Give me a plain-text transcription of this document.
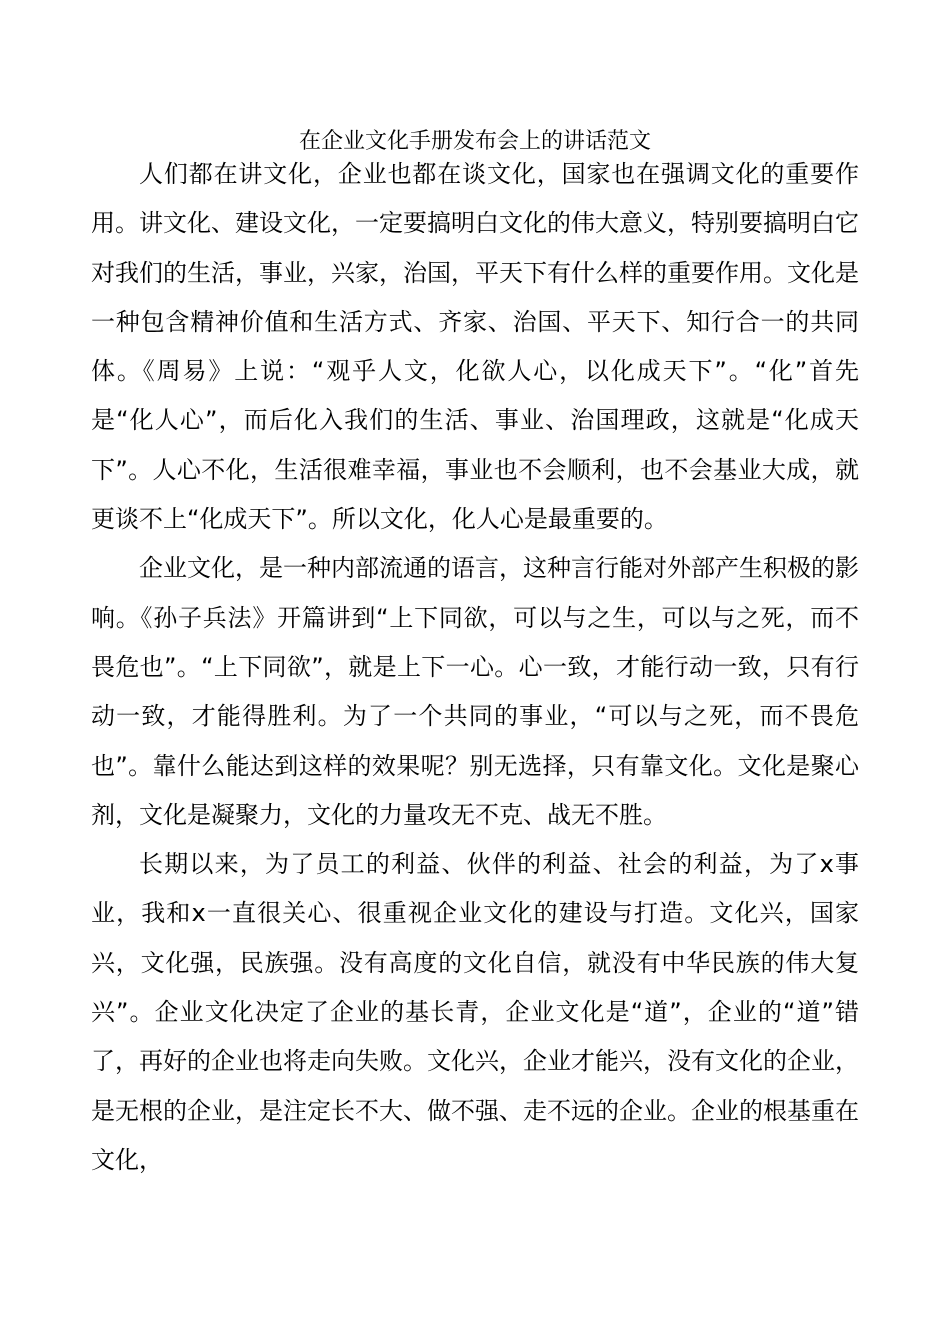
在企业文化手册发布会上的讲话范文

人们都在讲文化，企业也都在谈文化，国家也在强调文化的重要作用。讲文化、建设文化，一定要搞明白文化的伟大意义，特别要搞明白它对我们的生活，事业，兴家，治国，平天下有什么样的重要作用。文化是一种包含精神价值和生活方式、齐家、治国、平天下、知行合一的共同体。《周易》上说：“观乎人文，化欲人心，以化成天下”。“化”首先是“化人心”，而后化入我们的生活、事业、治国理政，这就是“化成天下”。人心不化，生活很难幸福，事业也不会顺利，也不会基业大成，就更谈不上“化成天下”。所以文化，化人心是最重要的。

企业文化，是一种内部流通的语言，这种言行能对外部产生积极的影响。《孙子兵法》开篇讲到“上下同欲，可以与之生，可以与之死，而不畏危也”。“上下同欲”，就是上下一心。心一致，才能行动一致，只有行动一致，才能得胜利。为了一个共同的事业，“可以与之死，而不畏危也”。靠什么能达到这样的效果呢？别无选择，只有靠文化。文化是聚心剂，文化是凝聚力，文化的力量攻无不克、战无不胜。

长期以来，为了员工的利益、伙伴的利益、社会的利益，为了x事业，我和x一直很关心、很重视企业文化的建设与打造。文化兴，国家兴，文化强，民族强。没有高度的文化自信，就没有中华民族的伟大复兴”。企业文化决定了企业的基长青，企业文化是“道”，企业的“道”错了，再好的企业也将走向失败。文化兴，企业才能兴，没有文化的企业，是无根的企业，是注定长不大、做不强、走不远的企业。企业的根基重在文化，
